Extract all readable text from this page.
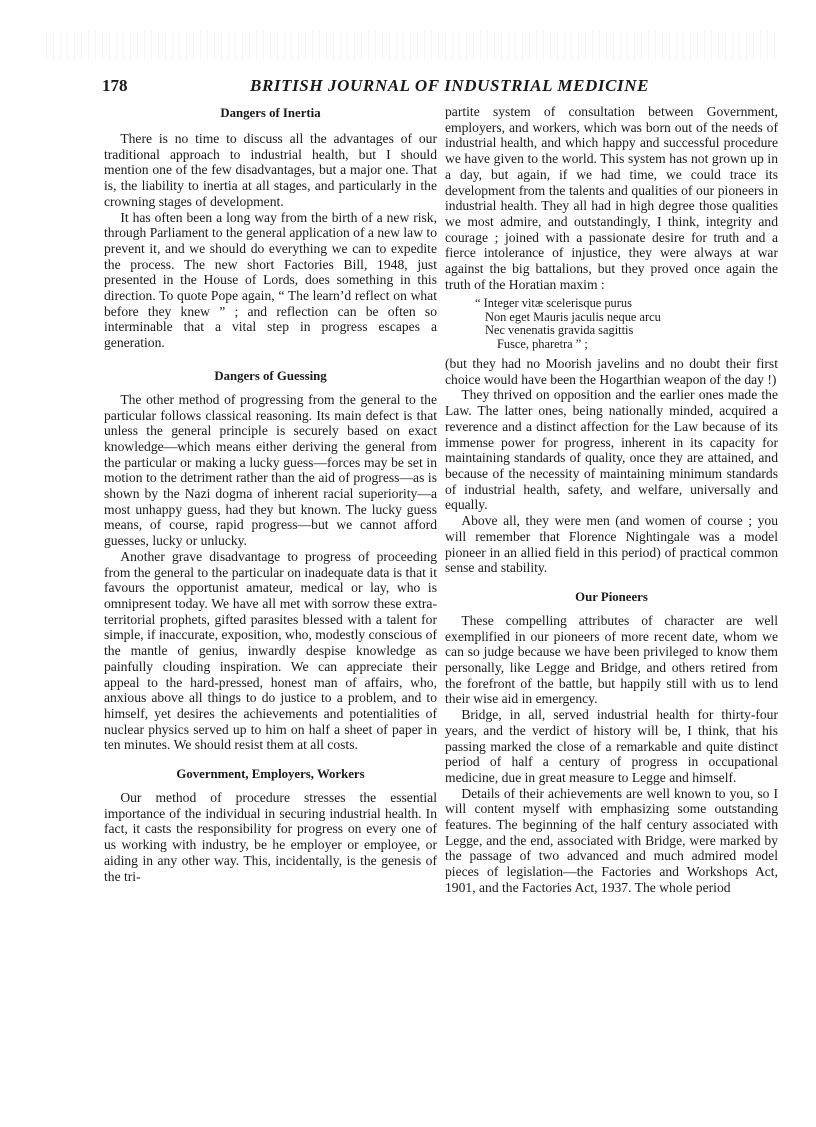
178	BRITISH JOURNAL OF INDUSTRIAL MEDICINE
Dangers of Inertia

There is no time to discuss all the advantages of our traditional approach to industrial health, but I should mention one of the few disadvantages, but a major one. That is, the liability to inertia at all stages, and particularly in the crowning stages of development.

It has often been a long way from the birth of a new risk, through Parliament to the general application of a new law to prevent it, and we should do everything we can to expedite the process. The new short Factories Bill, 1948, just presented in the House of Lords, does something in this direction. To quote Pope again, “ The learn’d reflect on what before they knew ” ; and reflection can be often so interminable that a vital step in progress escapes a generation.

Dangers of Guessing

The other method of progressing from the general to the particular follows classical reasoning. Its main defect is that unless the general principle is securely based on exact knowledge—which means either deriving the general from the particular or making a lucky guess—forces may be set in motion to the detriment rather than the aid of progress—as is shown by the Nazi dogma of inherent racial superiority—a most unhappy guess, had they but known. The lucky guess means, of course, rapid progress—but we cannot afford guesses, lucky or unlucky.

Another grave disadvantage to progress of proceeding from the general to the particular on inadequate data is that it favours the opportunist amateur, medical or lay, who is omnipresent today. We have all met with sorrow these extra-territorial prophets, gifted parasites blessed with a talent for simple, if inaccurate, exposition, who, modestly conscious of the mantle of genius, inwardly despise knowledge as painfully clouding inspiration. We can appreciate their appeal to the hard-pressed, honest man of affairs, who, anxious above all things to do justice to a problem, and to himself, yet desires the achievements and potentialities of nuclear physics served up to him on half a sheet of paper in ten minutes. We should resist them at all costs.

Government, Employers, Workers

Our method of procedure stresses the essential importance of the individual in securing industrial health. In fact, it casts the responsibility for progress on every one of us working with industry, be he employer or employee, or aiding in any other way. This, incidentally, is the genesis of the tri-

partite system of consultation between Government, employers, and workers, which was born out of the needs of industrial health, and which happy and successful procedure we have given to the world. This system has not grown up in a day, but again, if we had time, we could trace its development from the talents and qualities of our pioneers in industrial health. They all had in high degree those qualities we most admire, and outstandingly, I think, integrity and courage ; joined with a passionate desire for truth and a fierce intolerance of injustice, they were always at war against the big battalions, but they proved once again the truth of the Horatian maxim :

“ Integer vitæ scelerisque purus
Non eget Mauris jaculis neque arcu
Nec venenatis gravida sagittis
Fusce, pharetra ” ;

(but they had no Moorish javelins and no doubt their first choice would have been the Hogarthian weapon of the day !)

They thrived on opposition and the earlier ones made the Law. The latter ones, being nationally minded, acquired a reverence and a distinct affection for the Law because of its immense power for progress, inherent in its capacity for maintaining standards of quality, once they are attained, and because of the necessity of maintaining minimum standards of industrial health, safety, and welfare, universally and equally.

Above all, they were men (and women of course ; you will remember that Florence Nightingale was a model pioneer in an allied field in this period) of practical common sense and stability.

Our Pioneers

These compelling attributes of character are well exemplified in our pioneers of more recent date, whom we can so judge because we have been privileged to know them personally, like Legge and Bridge, and others retired from the forefront of the battle, but happily still with us to lend their wise aid in emergency.

Bridge, in all, served industrial health for thirty-four years, and the verdict of history will be, I think, that his passing marked the close of a remarkable and quite distinct period of half a century of progress in occupational medicine, due in great measure to Legge and himself.

Details of their achievements are well known to you, so I will content myself with emphasizing some outstanding features. The beginning of the half century associated with Legge, and the end, associated with Bridge, were marked by the passage of two advanced and much admired model pieces of legislation—the Factories and Workshops Act, 1901, and the Factories Act, 1937. The whole period
